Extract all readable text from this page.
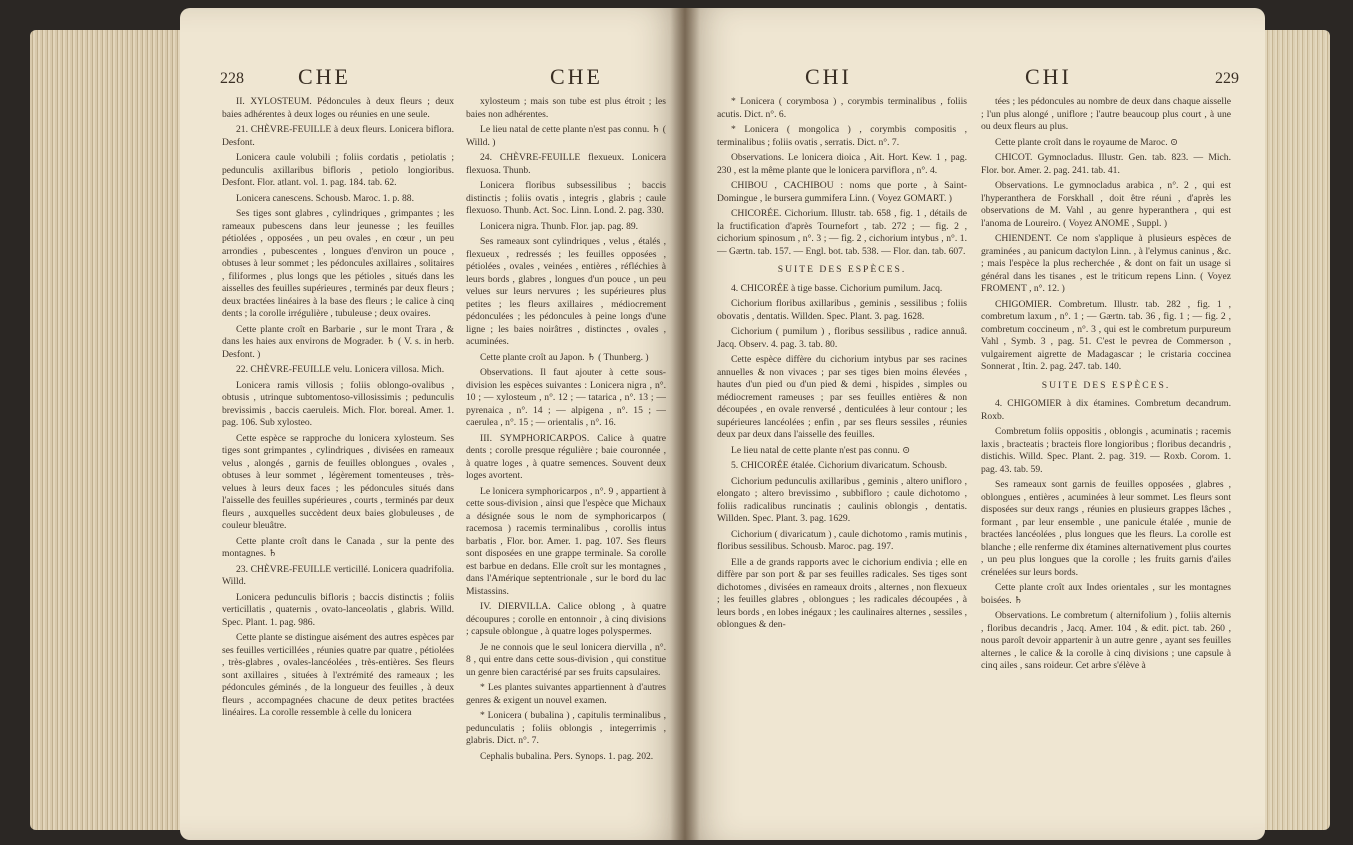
228 CHE	CHE

II. XYLOSTEUM. Pédoncules à deux fleurs ; deux baies adhérentes à deux loges ou réunies en une seule.

21. CHÈVRE-FEUILLE à deux fleurs. Lonicera biflora. Desfont.

Lonicera caule volubili ; foliis cordatis , petiolatis ; pedunculis axillaribus bifloris , petiolo longioribus. Desfont. Flor. atlant. vol. 1. pag. 184. tab. 62.

Lonicera canescens. Schousb. Maroc. 1. p. 88.

Ses tiges sont glabres , cylindriques , grimpantes ; les rameaux pubescens dans leur jeunesse ; les feuilles pétiolées , opposées , un peu ovales , en cœur , un peu arrondies , pubescentes , longues d'environ un pouce , obtuses à leur sommet ; les pédoncules axillaires , solitaires , filiformes , plus longs que les pétioles , situés dans les aisselles des feuilles supérieures , terminés par deux fleurs ; deux bractées linéaires à la base des fleurs ; le calice à cinq dents ; la corolle irrégulière , tubuleuse ; deux ovaires.

Cette plante croît en Barbarie , sur le mont Trara , & dans les haies aux environs de Mograder. ♄ ( V. s. in herb. Desfont. )

22. CHÈVRE-FEUILLE velu. Lonicera villosa. Mich.

Lonicera ramis villosis ; foliis oblongo-ovalibus , obtusis , utrinque subtomentoso-villosissimis ; pedunculis brevissimis , baccis caeruleis. Mich. Flor. boreal. Amer. 1. pag. 106. Sub xylosteo.

Cette espèce se rapproche du lonicera xylosteum. Ses tiges sont grimpantes , cylindriques , divisées en rameaux velus , alongés , garnis de feuilles oblongues , ovales , obtuses à leur sommet , légèrement tomenteuses , très-velues à leurs deux faces ; les pédoncules situés dans l'aisselle des feuilles supérieures , courts , terminés par deux fleurs , auxquelles succèdent deux baies globuleuses , de couleur bleuâtre.

Cette plante croît dans le Canada , sur la pente des montagnes. ♄

23. CHÈVRE-FEUILLE verticillé. Lonicera quadrifolia. Willd.

Lonicera pedunculis bifloris ; baccis distinctis ; foliis verticillatis , quaternis , ovato-lanceolatis , glabris. Willd. Spec. Plant. 1. pag. 986.

Cette plante se distingue aisément des autres espèces par ses feuilles verticillées , réunies quatre par quatre , pétiolées , très-glabres , ovales-lancéolées , très-entières. Ses fleurs sont axillaires , situées à l'extrémité des rameaux ; les pédoncules géminés , de la longueur des feuilles , à deux fleurs , accompagnées chacune de deux petites bractées linéaires. La corolle ressemble à celle du lonicera

xylosteum ; mais son tube est plus étroit ; les baies non adhérentes.

Le lieu natal de cette plante n'est pas connu. ♄ ( Willd. )

24. CHÈVRE-FEUILLE flexueux. Lonicera flexuosa. Thunb.

Lonicera floribus subsessilibus ; baccis distinctis ; foliis ovatis , integris , glabris ; caule flexuoso. Thunb. Act. Soc. Linn. Lond. 2. pag. 330.

Lonicera nigra. Thunb. Flor. jap. pag. 89.

Ses rameaux sont cylindriques , velus , étalés , flexueux , redressés ; les feuilles opposées , pétiolées , ovales , veinées , entières , réfléchies à leurs bords , glabres , longues d'un pouce , un peu velues sur leurs nervures ; les supérieures plus petites ; les fleurs axillaires , médiocrement pédonculées ; les pédoncules à peine longs d'une ligne ; les baies noirâtres , distinctes , ovales , acuminées.

Cette plante croît au Japon. ♄ ( Thunberg. )

Observations. Il faut ajouter à cette sous-division les espèces suivantes : Lonicera nigra , n°. 10 ; — xylosteum , n°. 12 ; — tatarica , n°. 13 ; — pyrenaica , n°. 14 ; — alpigena , n°. 15 ; — caerulea , n°. 15 ; — orientalis , n°. 16.

III. SYMPHORICARPOS. Calice à quatre dents ; corolle presque régulière ; baie couronnée , à quatre loges , à quatre semences. Souvent deux loges avortent.

Le lonicera symphoricarpos , n°. 9 , appartient à cette sous-division , ainsi que l'espèce que Michaux a désignée sous le nom de symphoricarpos ( racemosa ) racemis terminalibus , corollis intus barbatis , Flor. bor. Amer. 1. pag. 107. Ses fleurs sont disposées en une grappe terminale. Sa corolle est barbue en dedans. Elle croît sur les montagnes , dans l'Amérique septentrionale , sur le bord du lac Mistassins.

IV. DIERVILLA. Calice oblong , à quatre découpures ; corolle en entonnoir , à cinq divisions ; capsule oblongue , à quatre loges polyspermes.

Je ne connois que le seul lonicera diervilla , n°. 8 , qui entre dans cette sous-division , qui constitue un genre bien caractérisé par ses fruits capsulaires.

* Les plantes suivantes appartiennent à d'autres genres & exigent un nouvel examen.

* Lonicera ( bubalina ) , capitulis terminalibus , pedunculatis ; foliis oblongis , integerrimis , glabris. Dict. n°. 7.

Cephalis bubalina. Pers. Synops. 1. pag. 202.

CHI	CHI	229

* Lonicera ( corymbosa ) , corymbis terminalibus , foliis acutis. Dict. n°. 6.

* Lonicera ( mongolica ) , corymbis compositis , terminalibus ; foliis ovatis , serratis. Dict. n°. 7.

Observations. Le lonicera dioica , Ait. Hort. Kew. 1 , pag. 230 , est la même plante que le lonicera parviflora , n°. 4.

CHIBOU , CACHIBOU : noms que porte , à Saint-Domingue , le bursera gummifera Linn. ( Voyez GOMART. )

CHICORÉE. Cichorium. Illustr. tab. 658 , fig. 1 , détails de la fructification d'après Tournefort , tab. 272 ; — fig. 2 , cichorium spinosum , n°. 3 ; — fig. 2 , cichorium intybus , n°. 1. — Gærtn. tab. 157. — Engl. bot. tab. 538. — Flor. dan. tab. 607.

SUITE DES ESPÈCES.

4. CHICORÉE à tige basse. Cichorium pumilum. Jacq.

Cichorium floribus axillaribus , geminis , sessilibus ; foliis obovatis , dentatis. Willden. Spec. Plant. 3. pag. 1628.

Cichorium ( pumilum ) , floribus sessilibus , radice annuâ. Jacq. Obserν. 4. pag. 3. tab. 80.

Cette espèce diffère du cichorium intybus par ses racines annuelles & non vivaces ; par ses tiges bien moins élevées , hautes d'un pied ou d'un pied & demi , hispides , simples ou médiocrement rameuses ; par ses feuilles entières & non découpées , en ovale renversé , denticulées à leur contour ; les supérieures lancéolées ; enfin , par ses fleurs sessiles , réunies deux par deux dans l'aisselle des feuilles.

Le lieu natal de cette plante n'est pas connu. ⊙

5. CHICORÉE étalée. Cichorium divaricatum. Schousb.

Cichorium pedunculis axillaribus , geminis , altero unifloro , elongato ; altero brevissimo , subbifloro ; caule dichotomo , foliis radicalibus runcinatis ; caulinis oblongis , dentatis. Willden. Spec. Plant. 3. pag. 1629.

Cichorium ( divaricatum ) , caule dichotomo , ramis mutinis , floribus sessilibus. Schousb. Maroc. pag. 197.

Elle a de grands rapports avec le cichorium endivia ; elle en diffère par son port & par ses feuilles radicales. Ses tiges sont dichotomes , divisées en rameaux droits , alternes , non flexueux ; les feuilles glabres , oblongues ; les radicales découpées , à leurs bords , en lobes inégaux ; les caulinaires alternes , sessiles , oblongues & den-

tées ; les pédoncules au nombre de deux dans chaque aisselle ; l'un plus alongé , uniflore ; l'autre beaucoup plus court , à une ou deux fleurs au plus.

Cette plante croît dans le royaume de Maroc. ⊙

CHICOT. Gymnocladus. Illustr. Gen. tab. 823. — Mich. Flor. bor. Amer. 2. pag. 241. tab. 41.

Observations. Le gymnocladus arabica , n°. 2 , qui est l'hyperanthera de Forskhall , doit être réuni , d'après les observations de M. Vahl , au genre hyperanthera , qui est l'anoma de Loureiro. ( Voyez ANOME , Suppl. )

CHIENDENT. Ce nom s'applique à plusieurs espèces de graminées , au panicum dactylon Linn. , à l'elymus caninus , &c. ; mais l'espèce la plus recherchée , & dont on fait un usage si général dans les tisanes , est le triticum repens Linn. ( Voyez FROMENT , n°. 12. )

CHIGOMIER. Combretum. Illustr. tab. 282 , fig. 1 , combretum laxum , n°. 1 ; — Gærtn. tab. 36 , fig. 1 ; — fig. 2 , combretum coccineum , n°. 3 , qui est le combretum purpureum Vahl , Symb. 3 , pag. 51. C'est le pevrea de Commerson , vulgairement aigrette de Madagascar ; le cristaria coccinea Sonnerat , Itin. 2. pag. 247. tab. 140.

SUITE DES ESPÈCES.

4. CHIGOMIER à dix étamines. Combretum decandrum. Roxb.

Combretum foliis oppositis , oblongis , acuminatis ; racemis laxis , bracteatis ; bracteis flore longioribus ; floribus decandris , distichis. Willd. Spec. Plant. 2. pag. 319. — Roxb. Corom. 1. pag. 43. tab. 59.

Ses rameaux sont garnis de feuilles opposées , glabres , oblongues , entières , acuminées à leur sommet. Les fleurs sont disposées sur deux rangs , réunies en plusieurs grappes lâches , formant , par leur ensemble , une panicule étalée , munie de bractées lancéolées , plus longues que les fleurs. La corolle est blanche ; elle renferme dix étamines alternativement plus courtes , un peu plus longues que la corolle ; les fruits garnis d'ailes crénelées sur leurs bords.

Cette plante croît aux Indes orientales , sur les montagnes boisées. ♄

Observations. Le combretum ( alternifolium ) , foliis alternis , floribus decandris , Jacq. Amer. 104 , & edit. pict. tab. 260 , nous paroît devoir appartenir à un autre genre , ayant ses feuilles alternes , le calice & la corolle à cinq divisions ; une capsule à cinq ailes , sans roideur. Cet arbre s'élève à
